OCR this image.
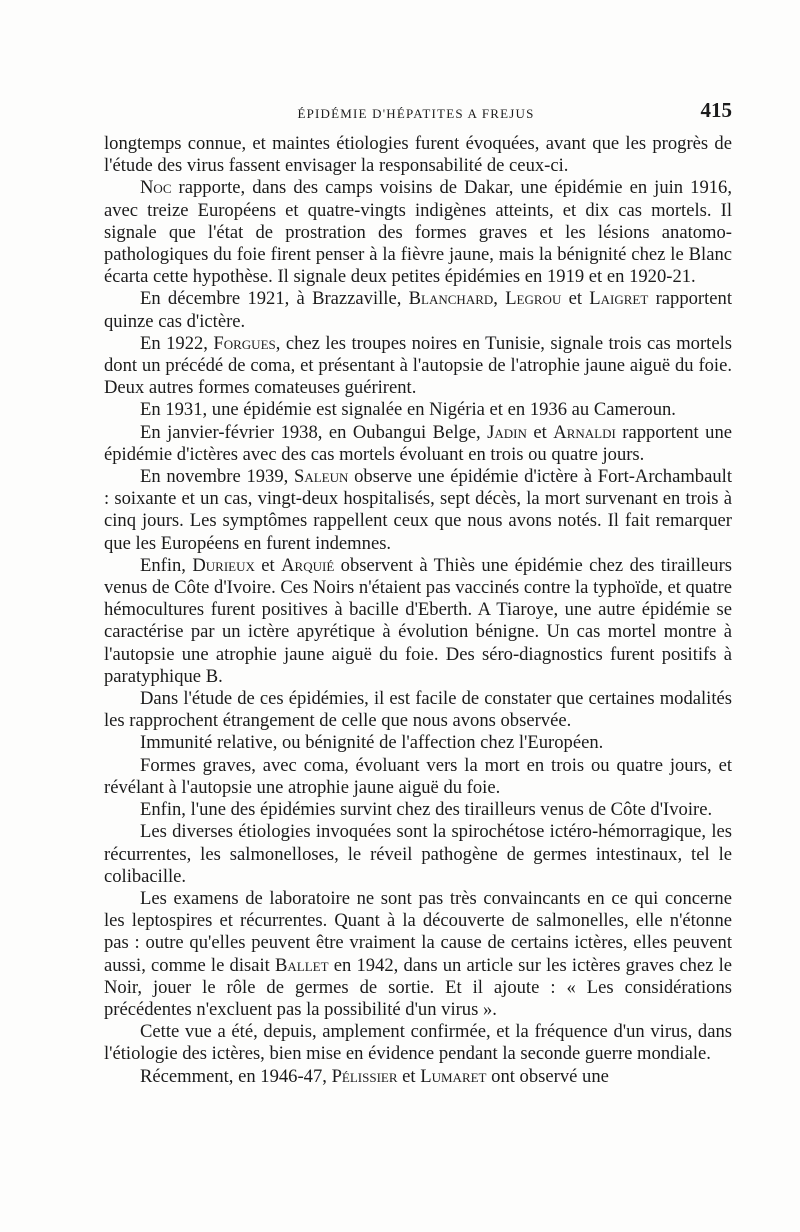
ÉPIDÉMIE D'HÉPATITES A FREJUS	415

longtemps connue, et maintes étiologies furent évoquées, avant que les progrès de l'étude des virus fassent envisager la responsabilité de ceux-ci.

Noc rapporte, dans des camps voisins de Dakar, une épidémie en juin 1916, avec treize Européens et quatre-vingts indigènes atteints, et dix cas mortels. Il signale que l'état de prostration des formes graves et les lésions anatomo-pathologiques du foie firent penser à la fièvre jaune, mais la bénignité chez le Blanc écarta cette hypothèse. Il signale deux petites épidémies en 1919 et en 1920-21.

En décembre 1921, à Brazzaville, Blanchard, Legrou et Laigret rapportent quinze cas d'ictère.

En 1922, Forgues, chez les troupes noires en Tunisie, signale trois cas mortels dont un précédé de coma, et présentant à l'autopsie de l'atrophie jaune aiguë du foie. Deux autres formes comateuses guérirent.

En 1931, une épidémie est signalée en Nigéria et en 1936 au Cameroun.

En janvier-février 1938, en Oubangui Belge, Jadin et Arnaldi rapportent une épidémie d'ictères avec des cas mortels évoluant en trois ou quatre jours.

En novembre 1939, Saleun observe une épidémie d'ictère à Fort-Archambault : soixante et un cas, vingt-deux hospitalisés, sept décès, la mort survenant en trois à cinq jours. Les symptômes rappellent ceux que nous avons notés. Il fait remarquer que les Européens en furent indemnes.

Enfin, Durieux et Arquié observent à Thiès une épidémie chez des tirailleurs venus de Côte d'Ivoire. Ces Noirs n'étaient pas vaccinés contre la typhoïde, et quatre hémocultures furent positives à bacille d'Eberth. A Tiaroye, une autre épidémie se caractérise par un ictère apyrétique à évolution bénigne. Un cas mortel montre à l'autopsie une atrophie jaune aiguë du foie. Des séro-diagnostics furent positifs à paratyphique B.

Dans l'étude de ces épidémies, il est facile de constater que certaines modalités les rapprochent étrangement de celle que nous avons observée.

Immunité relative, ou bénignité de l'affection chez l'Européen.

Formes graves, avec coma, évoluant vers la mort en trois ou quatre jours, et révélant à l'autopsie une atrophie jaune aiguë du foie.

Enfin, l'une des épidémies survint chez des tirailleurs venus de Côte d'Ivoire.

Les diverses étiologies invoquées sont la spirochétose ictéro-hémorragique, les récurrentes, les salmonelloses, le réveil pathogène de germes intestinaux, tel le colibacille.

Les examens de laboratoire ne sont pas très convaincants en ce qui concerne les leptospires et récurrentes. Quant à la découverte de salmonelles, elle n'étonne pas : outre qu'elles peuvent être vraiment la cause de certains ictères, elles peuvent aussi, comme le disait Ballet en 1942, dans un article sur les ictères graves chez le Noir, jouer le rôle de germes de sortie. Et il ajoute : « Les considérations précédentes n'excluent pas la possibilité d'un virus ».

Cette vue a été, depuis, amplement confirmée, et la fréquence d'un virus, dans l'étiologie des ictères, bien mise en évidence pendant la seconde guerre mondiale.

Récemment, en 1946-47, Pélissier et Lumaret ont observé une
